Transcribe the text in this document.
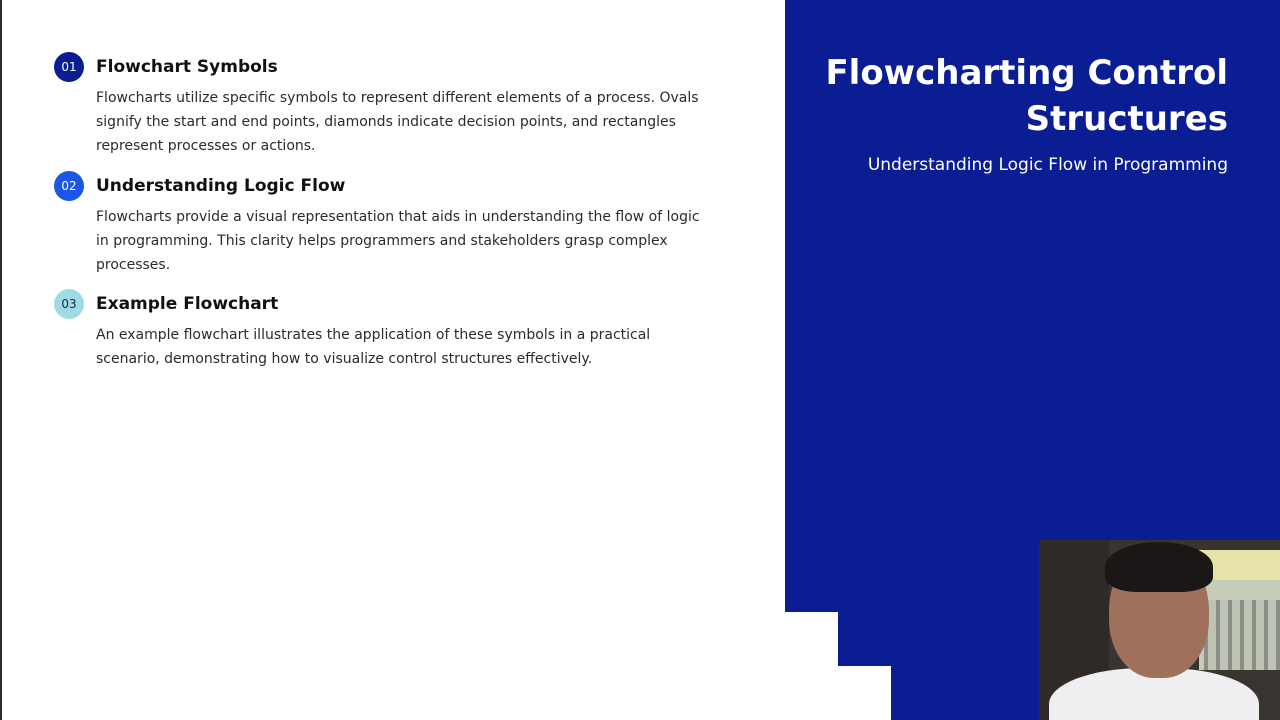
01	Flowchart Symbols

Flowcharts utilize specific symbols to represent different elements of a process. Ovals signify the start and end points, diamonds indicate decision points, and rectangles represent processes or actions.

02	Understanding Logic Flow

Flowcharts provide a visual representation that aids in understanding the flow of logic in programming. This clarity helps programmers and stakeholders grasp complex processes.

03	Example Flowchart

An example flowchart illustrates the application of these symbols in a practical scenario, demonstrating how to visualize control structures effectively.

Flowcharting Control Structures

Understanding Logic Flow in Programming
